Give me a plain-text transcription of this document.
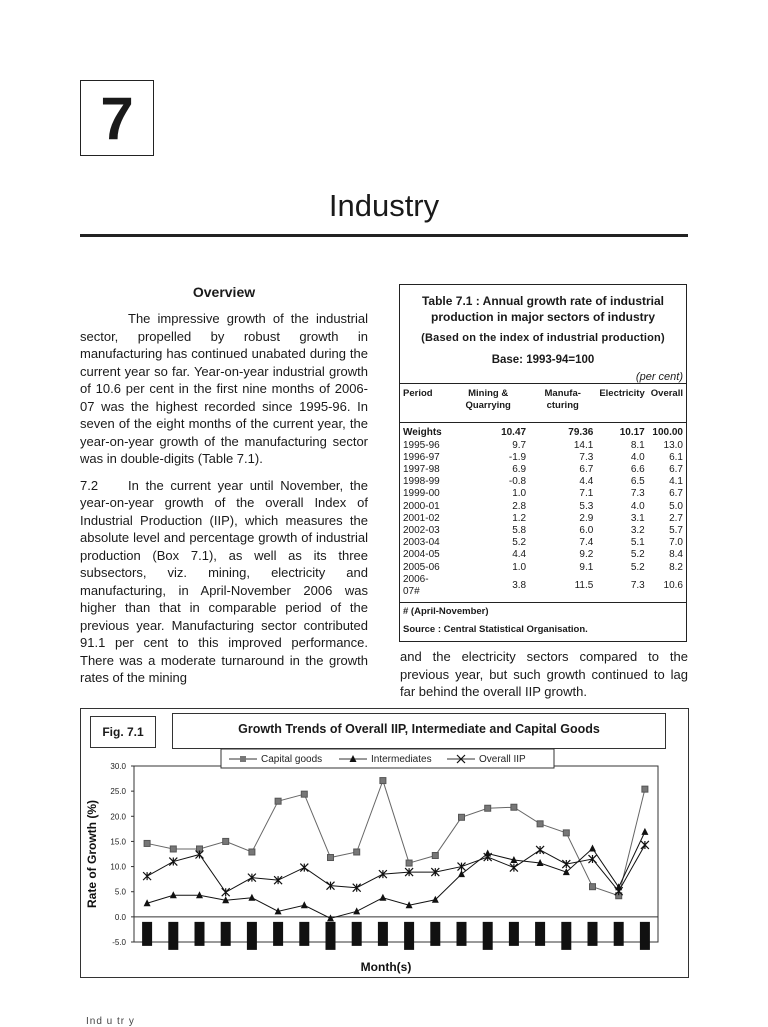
7
Industry
Overview

The impressive growth of the industrial sector, propelled by robust growth in manufacturing has continued unabated during the current year so far. Year-on-year industrial growth of 10.6 per cent in the first nine months of 2006-07 was the highest recorded since 1995-96. In seven of the eight months of the current year, the year-on-year growth of the manufacturing sector was in double-digits (Table 7.1).

7.2 In the current year until November, the year-on-year growth of the overall Index of Industrial Production (IIP), which measures the absolute level and percentage growth of industrial production (Box 7.1), as well as its three subsectors, viz. mining, electricity and manufacturing, in April-November 2006 was higher than that in comparable period of the previous year. Manufacturing sector contributed 91.1 per cent to this improved performance. There was a moderate turnaround in the growth rates of the mining

Table 7.1 : Annual growth rate of industrial production in major sectors of industry
(Based on the index of industrial production)
Base: 1993-94=100
(per cent)
Period	Mining & Quarrying	Manufa- cturing	Electricity	Overall
Weights	10.47	79.36	10.17	100.00
1995-96	9.7	14.1	8.1	13.0
1996-97	-1.9	7.3	4.0	6.1
1997-98	6.9	6.7	6.6	6.7
1998-99	-0.8	4.4	6.5	4.1
1999-00	1.0	7.1	7.3	6.7
2000-01	2.8	5.3	4.0	5.0
2001-02	1.2	2.9	3.1	2.7
2002-03	5.8	6.0	3.2	5.7
2003-04	5.2	7.4	5.1	7.0
2004-05	4.4	9.2	5.2	8.4
2005-06	1.0	9.1	5.2	8.2
2006-07#	3.8	11.5	7.3	10.6
# (April-November)
Source : Central Statistical Organisation.

and the electricity sectors compared to the previous year, but such growth continued to lag far behind the overall IIP growth.

Fig. 7.1	Growth Trends of Overall IIP, Intermediate and Capital Goods
30.0
25.0
20.0
15.0
10.0
5.0
0.0
-5.0
Capital goods	Intermediates	Overall IIP
Month(s)
Rate of Growth (%)
Ind u tr y
